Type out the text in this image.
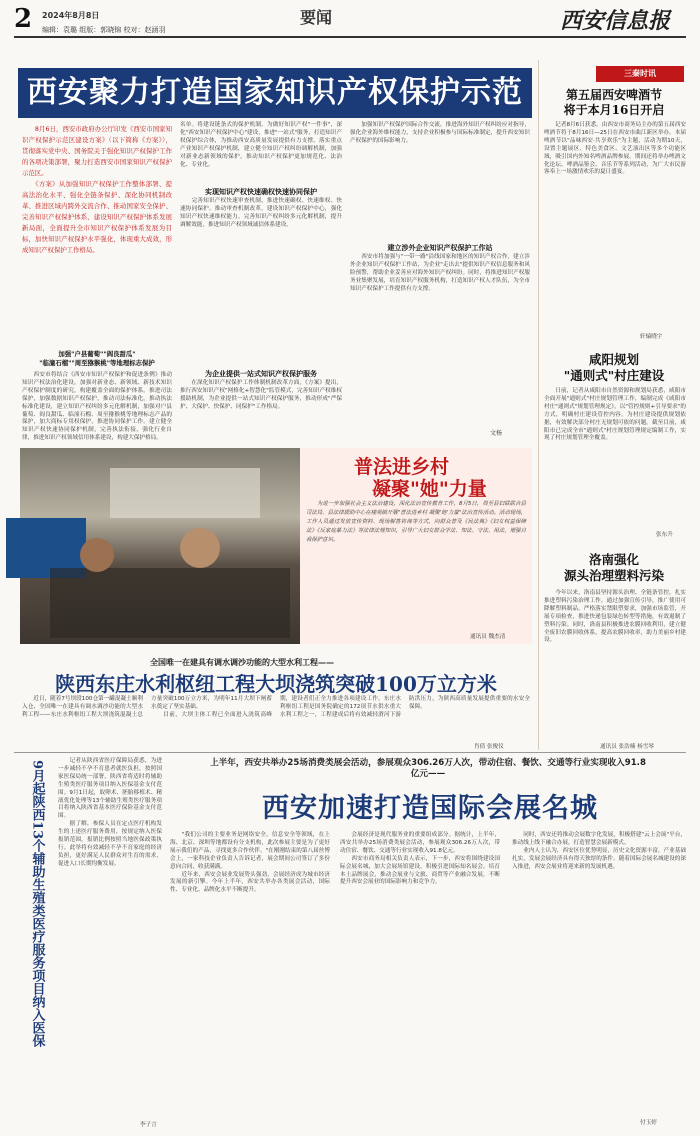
2 2024年8月8日	要闻
编辑：袁璐 组版：郭晓锦 校对：赵涵羽	西安信息报
西安聚力打造国家知识产权保护示范区
　　8月6日，西安市政府办公厅印发《西安市国家知识产权保护示范区建设方案》（以下简称《方案》），贯彻落实党中央、国务院关于强化知识产权保护工作的各项决策部署，聚力打造西安市国家知识产权保护示范区。
　　《方案》从加强知识产权保护工作整体部署、提高法治化水平、强化全链条保护、深化协同机制改革、推进区域内跨外交流合作、推动国家安全保护、完善知识产权保护体系、建设知识产权保护体系发展新局面，全面提升全市知识产权保护体系发展为目标，加快知识产权保护水平强化，体现重大成效，形成知识产权保护工作格局。
加强"户县葡萄""阎良甜瓜"
"临潼石榴""周至猕猴桃"等地理标志保护
　　西安市将结合《西安市知识产权保护和促进条例》推动知识产权法治化建设，加强对新业态、新领域、新技术知识产权保护制度的研究，构建覆盖全面的保护体系。推进司法保护，加强数据知识产权保护，推动司法标准化。推动执法标准化建设，建立知识产权纠纷多元化解机制，加强对户县葡萄、阎良甜瓜、临潼石榴、周至猕猴桃等地理标志产品的保护，加大商标专用权保护，推进协同保护工作。建立健全知识产权快速协同保护机制，完善执法衔接，强化行业自律，推进知识产权领域信用体系建设，构建大保护格局。
名单。将建设链条式的保护机制。为做好知识产权"一件事"，深化"西安知识产权保护中心"建设，推进"一站式"服务，打造知识产权保护综合体，为推动西安高质量发展提供有力支撑。落实重点产业知识产权保护机制，建立健全知识产权纠纷调解机制，加强对新业态新领域的保护，推动知识产权保护更加规范化、法治化、专业化。
实现知识产权快速确权快速协同保护
　　完善知识产权快速审查机制，推进快速确权、快速维权、快速协同保护。推动审查机制改革，建设知识产权保护中心，强化知识产权快速维权能力。完善知识产权纠纷多元化解机制，提升调解效能，推进知识产权领域诚信体系建设。
为企业提供一站式知识产权保护服务
　　在深化知识产权保护工作体制机制改革方面，《方案》提出，推行西安知识产权"网格化+智慧化"监管模式，完善知识产权维权援助机制，为企业提供一站式知识产权保护服务，推动形成"严保护、大保护、快保护、同保护"工作格局。
　　加强知识产权保护国际合作交流，推进海外知识产权纠纷应对指导，强化企业海外维权能力，支持企业积极参与国际标准制定，提升西安知识产权保护的国际影响力。
建立涉外企业知识产权保护工作站
　　西安市将加强与"一带一路"沿线国家和地区的知识产权合作，建立涉外企业知识产权保护工作站，为企业"走出去"提供知识产权信息服务和风险预警，帮助企业妥善应对海外知识产权纠纷。同时，将推进知识产权服务业集聚发展，培育知识产权服务机构，打造知识产权人才队伍，为全市知识产权保护工作提供有力支撑。
文杨
普法进乡村
凝聚"她"力量
　　为进一步加强社会主义法治建设，深化法治宣传教育工作，8月5日，周至县妇联联合县司法局、县法律援助中心在楼观镇开展"普法进乡村 凝聚'她'力量"法治宣传活动。活动现场，工作人员通过发放宣传资料、现场解答咨询等方式，向群众普及《民法典》《妇女权益保障法》《反家庭暴力法》等法律法规知识，引导广大妇女群众学法、知法、守法、用法，增强自我保护意识。
通讯员 魏杰清
全国唯一在建具有调水调沙功能的大型水利工程——
陕西东庄水利枢纽工程大坝浇筑突破100万立方米
　　近日，随着7号坝段100仓第一罐混凝土顺利入仓，全国唯一在建具有调水调沙功能的大型水利工程——东庄水利枢纽工程大坝浇筑混凝土总方量突破100万立方米，为明年11月大坝下闸蓄水奠定了坚实基础。
　　目前，大坝主体工程已全面进入浇筑高峰期，建设者们正全力推进各项建设工作。东庄水利枢纽工程是国务院确定的172项节水供水重大水利工程之一，工程建成后将有效减轻渭河下游防洪压力，为陕西高质量发展提供重要的水安全保障。
肖倩 张俊仪
　　记者从陕西省医疗保障局获悉，为进一步减轻不孕不育患者就医负担，按照国家医保局统一部署，陕西省将适时将辅助生殖类医疗服务项目纳入医保基金支付范围。9月1日起，取卵术、胚胎移植术、精液优化处理等13个辅助生殖类医疗服务项目将纳入陕西省基本医疗保险基金支付范围。
　　据了解，参保人员在定点医疗机构发生的上述医疗服务费用，按规定纳入医保报销范围，报销比例按照当地医保政策执行。此举将有效减轻不孕不育家庭的经济负担，更好满足人民群众对生育的需求，促进人口长期均衡发展。
9月起陕西13个辅助生殖类医疗服务项目纳入医保
李子言
上半年，西安共举办25场消费类展会活动，参展观众306.26万人次，带动住宿、餐饮、交通等行业实现收入91.8亿元——
西安加速打造国际会展名城
　　"我们公司的主要业务是网络安全，信息安全等领域，在上海、北京、深圳等地都设有分支机构，此次参展主要是为了更好展示我们的产品，寻找更多合作伙伴。"在刚刚结束的第八届丝博会上，一家科技企业负责人告诉记者，展会期间公司签订了多份意向合同，收获满满。
　　近年来，西安会展业发展势头强劲，会展经济成为城市经济发展的新引擎。今年上半年，西安共举办各类展会活动，国际性、专业化、品牌化水平不断提升。
　　会展经济是现代服务业的重要组成部分。据统计，上半年，西安共举办25场消费类展会活动，参展观众306.26万人次，带动住宿、餐饮、交通等行业实现收入91.8亿元。
　　西安市商务局相关负责人表示，下一步，西安将围绕建设国际会展名城，加大会展场馆建设，积极引进国际知名展会，培育本土品牌展会，推动会展业与文旅、商贸等产业融合发展，不断提升西安会展业的国际影响力和竞争力。
　　同时，西安还将推动会展数字化发展，积极搭建"云上会展"平台，推动线上线下融合办展，打造智慧会展新模式。
　　业内人士认为，西安区位优势明显，历史文化资源丰富，产业基础扎实，发展会展经济具有得天独厚的条件。随着国际会展名城建设的深入推进，西安会展业将迎来新的发展机遇。
付玉婷
三秦时讯
第五届西安啤酒节
将于本月16日开启
　　记者8月6日获悉，由西安市商务局主办的第五届西安啤酒节将于8月16日—25日在西安市曲江新区举办。本届啤酒节以"品味西安·共享欢乐"为主题，活动为期10天，设置主题展区、特色美食区、文艺演出区等多个功能区域，吸引国内外知名啤酒品牌参展。期间还将举办啤酒文化论坛、啤酒品鉴会、音乐节等系列活动，为广大市民游客奉上一场激情欢乐的夏日盛宴。
轩辕晓宇
咸阳规划
"通则式"村庄建设
　　日前，记者从咸阳市自然资源和规划局获悉，咸阳市全面开展"通则式"村庄规划管理工作，编制完成《咸阳市村庄"通则式"规划管理规定》，以"管控规则+引导要求"的方式，明确村庄建设管控内容，为村庄建设提供规划依据，有效解决部分村庄无规划可依的问题。截至目前，咸阳市已完成全市"通则式"村庄规划管理规定编制工作，实现了村庄规划管理全覆盖。
张东升
洛南强化
源头治理塑料污染
　　今年以来，洛南县坚持源头治理、全链条管控，扎实推进塑料污染治理工作。通过加强宣传引导，推广使用可降解塑料制品，严格落实禁限塑要求，加强市场监管，开展专项检查，推进快递包装绿色转型等措施，有效遏制了塑料污染。同时，洛南县积极推进农膜回收利用，建立健全废旧农膜回收体系，提高农膜回收率，助力美丽乡村建设。
通讯员 张浩楠 杨雪琴
